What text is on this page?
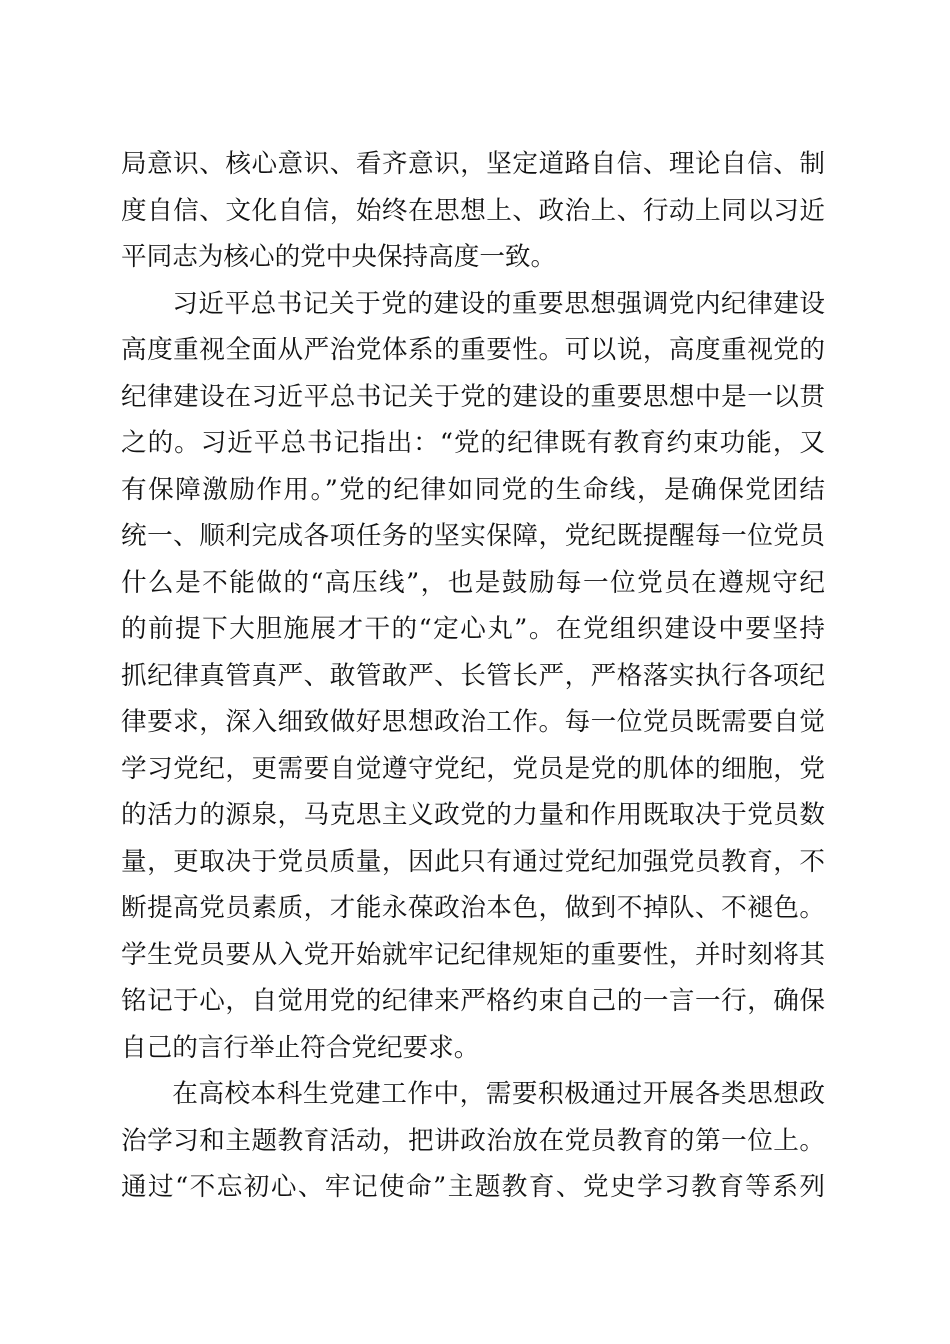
局意识、核心意识、看齐意识，坚定道路自信、理论自信、制
度自信、文化自信，始终在思想上、政治上、行动上同以习近
平同志为核心的党中央保持高度一致。
习近平总书记关于党的建设的重要思想强调党内纪律建设
高度重视全面从严治党体系的重要性。可以说，高度重视党的
纪律建设在习近平总书记关于党的建设的重要思想中是一以贯
之的。习近平总书记指出：“党的纪律既有教育约束功能，又
有保障激励作用。”党的纪律如同党的生命线，是确保党团结
统一、顺利完成各项任务的坚实保障，党纪既提醒每一位党员
什么是不能做的“高压线”，也是鼓励每一位党员在遵规守纪
的前提下大胆施展才干的“定心丸”。在党组织建设中要坚持
抓纪律真管真严、敢管敢严、长管长严，严格落实执行各项纪
律要求，深入细致做好思想政治工作。每一位党员既需要自觉
学习党纪，更需要自觉遵守党纪，党员是党的肌体的细胞，党
的活力的源泉，马克思主义政党的力量和作用既取决于党员数
量，更取决于党员质量，因此只有通过党纪加强党员教育，不
断提高党员素质，才能永葆政治本色，做到不掉队、不褪色。
学生党员要从入党开始就牢记纪律规矩的重要性，并时刻将其
铭记于心，自觉用党的纪律来严格约束自己的一言一行，确保
自己的言行举止符合党纪要求。
在高校本科生党建工作中，需要积极通过开展各类思想政
治学习和主题教育活动，把讲政治放在党员教育的第一位上。
通过“不忘初心、牢记使命”主题教育、党史学习教育等系列
